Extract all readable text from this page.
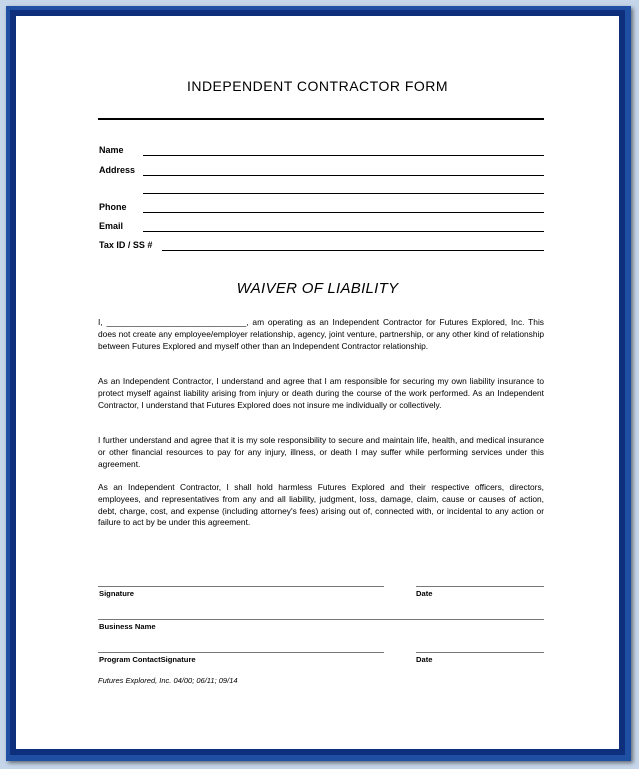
INDEPENDENT CONTRACTOR FORM
Name
Address
Phone
Email
Tax ID / SS #
WAIVER OF LIABILITY
I, ______________________________, am operating as an Independent Contractor for Futures Explored, Inc. This does not create any employee/employer relationship, agency, joint venture, partnership, or any other kind of relationship between Futures Explored and myself other than an Independent Contractor relationship.
As an Independent Contractor, I understand and agree that I am responsible for securing my own liability insurance to protect myself against liability arising from injury or death during the course of the work performed. As an Independent Contractor, I understand that Futures Explored does not insure me individually or collectively.
I further understand and agree that it is my sole responsibility to secure and maintain life, health, and medical insurance or other financial resources to pay for any injury, illness, or death I may suffer while performing services under this agreement.
As an Independent Contractor, I shall hold harmless Futures Explored and their respective officers, directors, employees, and representatives from any and all liability, judgment, loss, damage, claim, cause or causes of action, debt, charge, cost, and expense (including attorney's fees) arising out of, connected with, or incidental to any action or failure to act by be under this agreement.
Signature	Date
Business Name
Program ContactSignature	Date
Futures Explored, Inc. 04/00; 06/11; 09/14
